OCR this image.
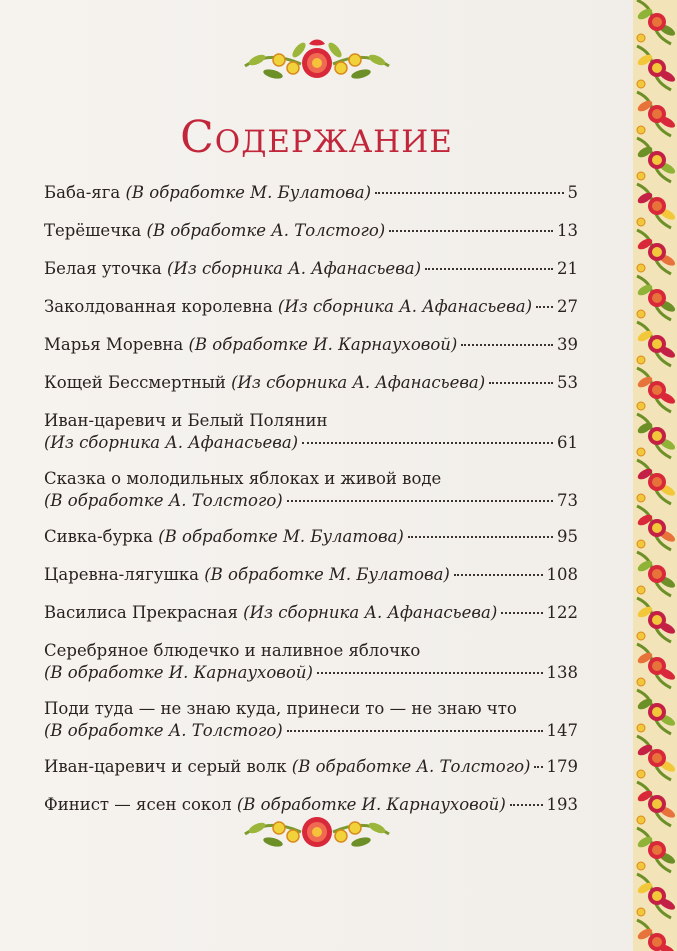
Содержание
Баба-яга (В обработке М. Булатова)	5
Терёшечка (В обработке А. Толстого)	13
Белая уточка (Из сборника А. Афанасьева)	21
Заколдованная королевна (Из сборника А. Афанасьева) 27
Марья Моревна (В обработке И. Карнауховой)	39
Кощей Бессмертный (Из сборника А. Афанасьева)	53
Иван-царевич и Белый Полянин
(Из сборника А. Афанасьева)	61
Сказка о молодильных яблоках и живой воде
(В обработке А. Толстого)	73
Сивка-бурка (В обработке М. Булатова)	95
Царевна-лягушка (В обработке М. Булатова)	108
Василиса Прекрасная (Из сборника А. Афанасьева)	122
Серебряное блюдечко и наливное яблочко
(В обработке И. Карнауховой)	138
Поди туда — не знаю куда, принеси то — не знаю что
(В обработке А. Толстого)	147
Иван-царевич и серый волк (В обработке А. Толстого) 179
Финист — ясен сокол (В обработке И. Карнауховой) 193
